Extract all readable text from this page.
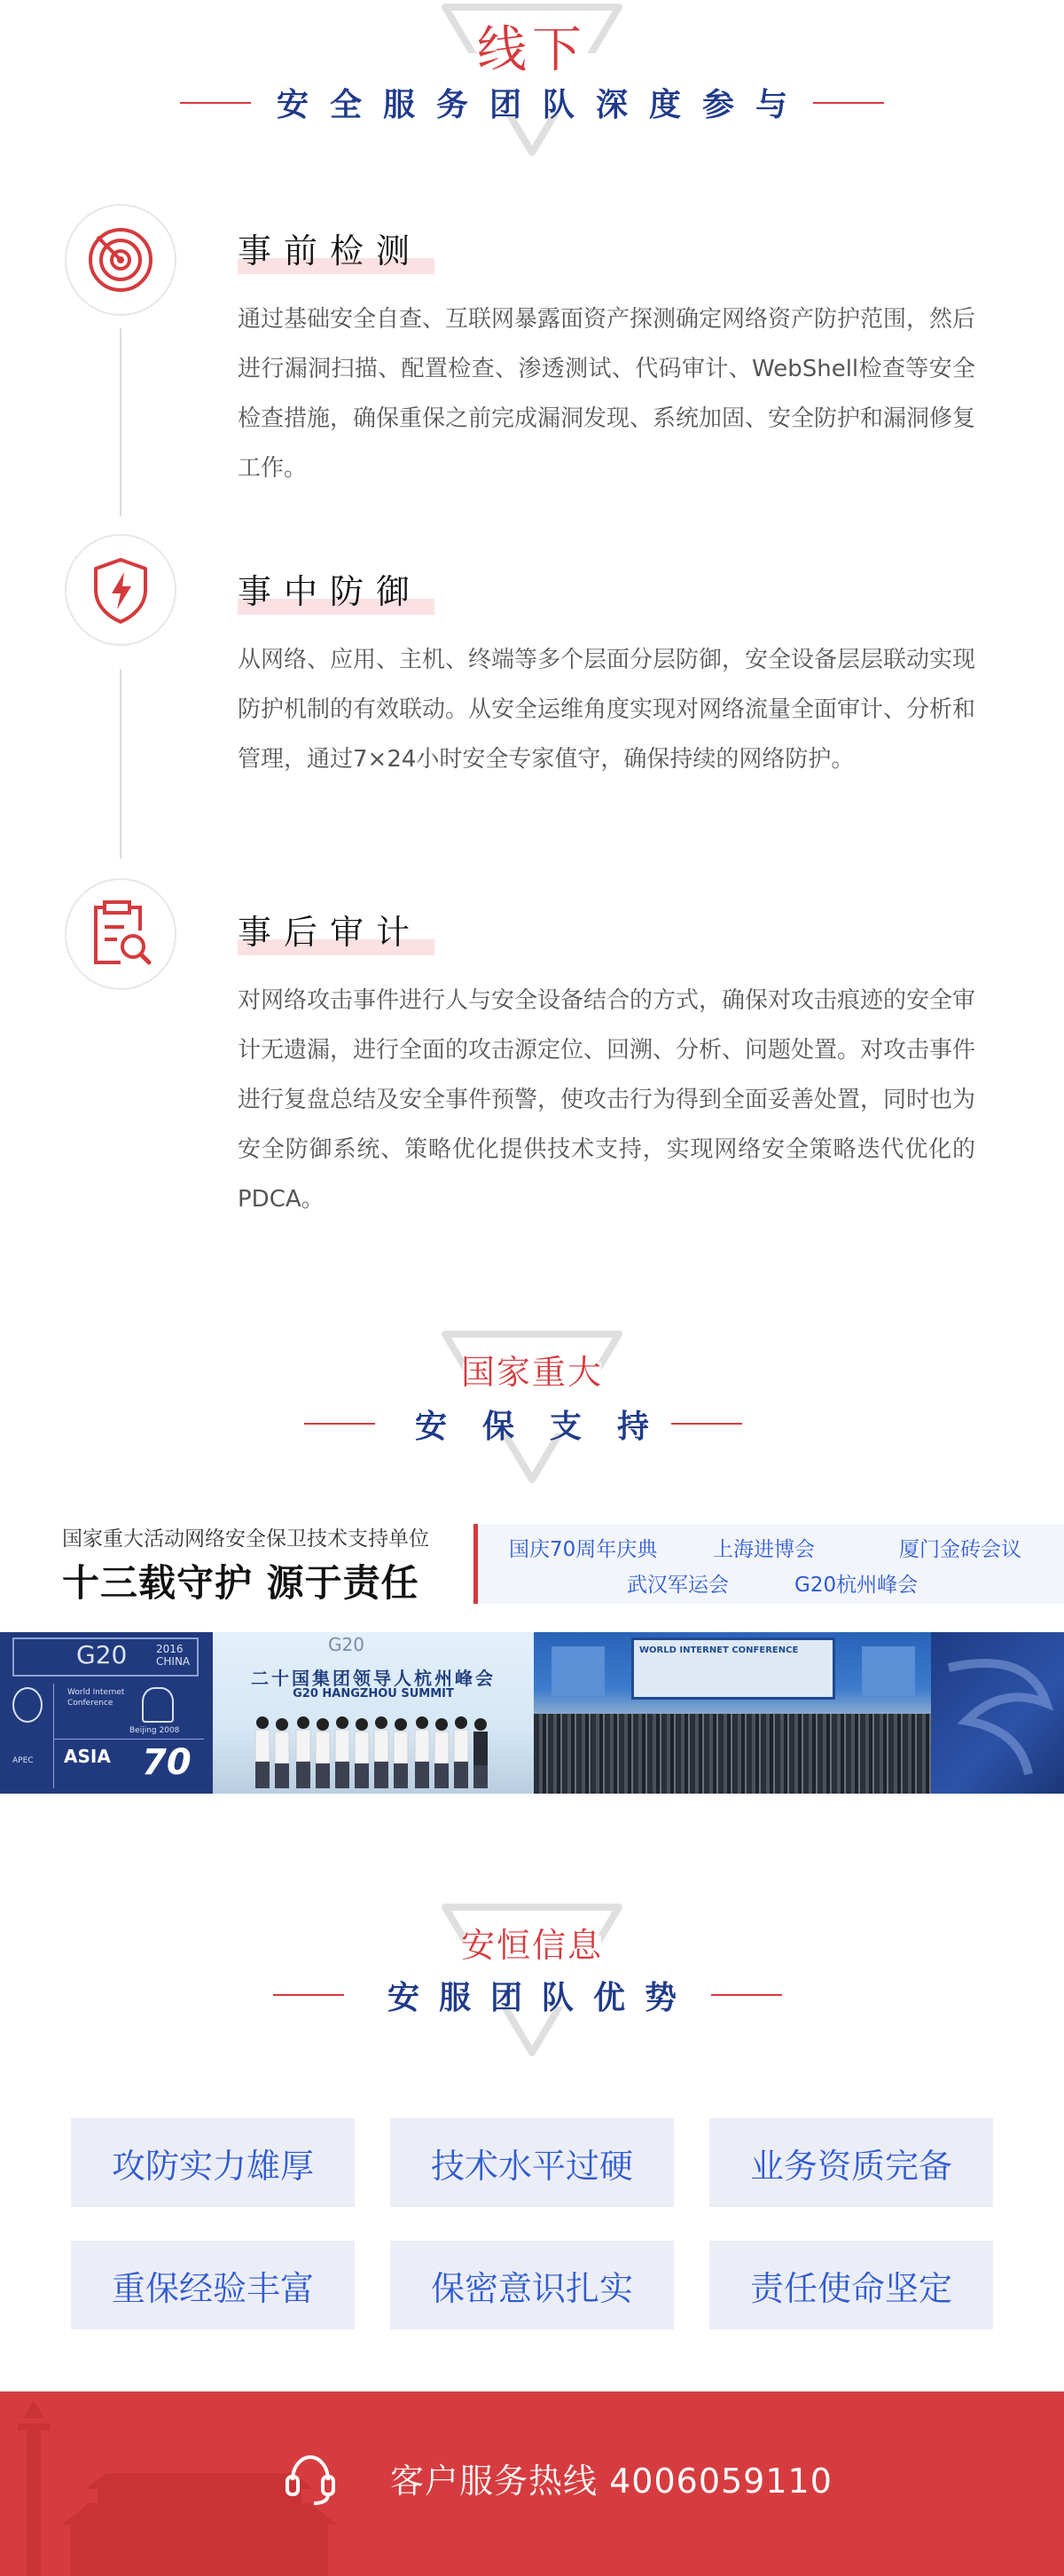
线下
安全服务团队深度参与
事前检测
通过基础安全自查、互联网暴露面资产探测确定网络资产防护范围，然后进行漏洞扫描、配置检查、渗透测试、代码审计、WebShell检查等安全检查措施，确保重保之前完成漏洞发现、系统加固、安全防护和漏洞修复工作。
事中防御
从网络、应用、主机、终端等多个层面分层防御，安全设备层层联动实现防护机制的有效联动。从安全运维角度实现对网络流量全面审计、分析和管理，通过7×24小时安全专家值守，确保持续的网络防护。
事后审计
对网络攻击事件进行人与安全设备结合的方式，确保对攻击痕迹的安全审计无遗漏，进行全面的攻击源定位、回溯、分析、问题处置。对攻击事件进行复盘总结及安全事件预警，使攻击行为得到全面妥善处置，同时也为安全防御系统、策略优化提供技术支持，实现网络安全策略迭代优化的PDCA。
国家重大
安保支持
国家重大活动网络安全保卫技术支持单位
十三载守护 源于责任
国庆70周年庆典	上海进博会	厦门金砖会议
武汉军运会	G20杭州峰会
G20	2016
CHINA
World Internet Conference
Beijing 2008
APEC ASIA 70
G20
二十国集团领导人杭州峰会
G20 HANGZHOU SUMMIT
WORLD INTERNET CONFERENCE
安恒信息
安服团队优势
攻防实力雄厚	技术水平过硬	业务资质完备
重保经验丰富	保密意识扎实	责任使命坚定
客户服务热线 4006059110
